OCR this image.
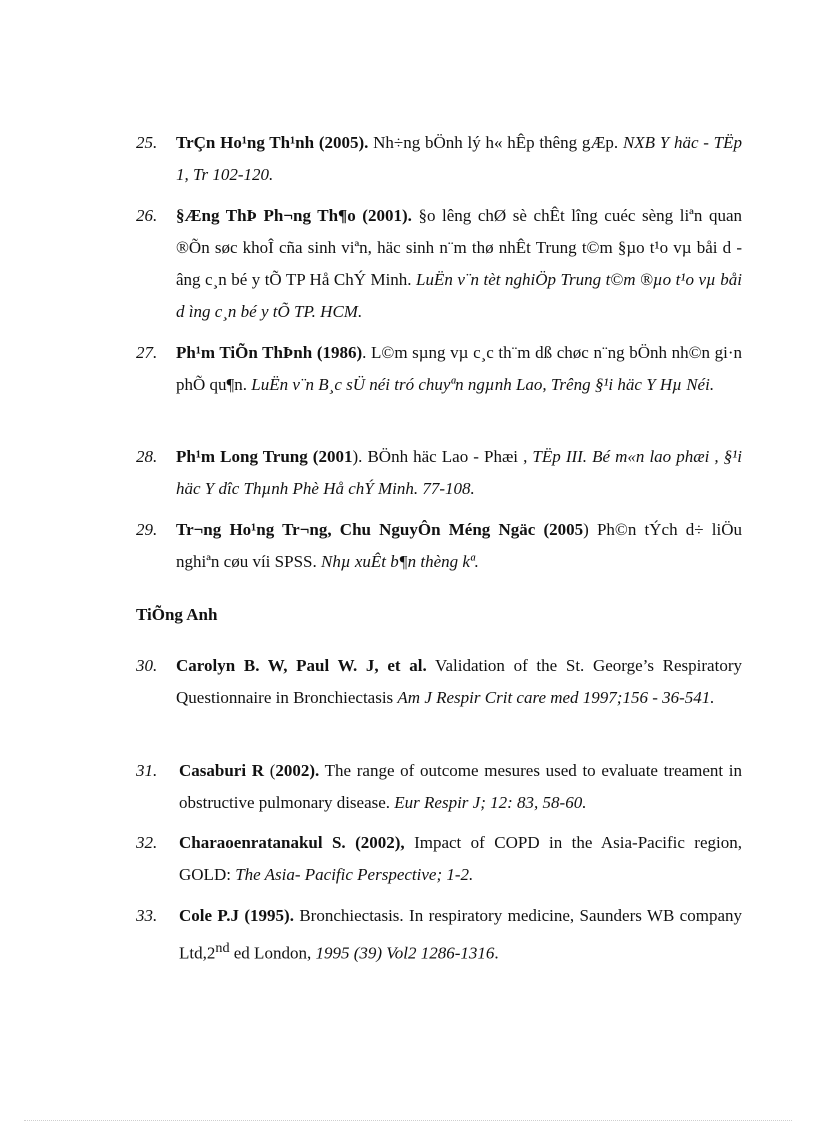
25. TrÇn Ho¹ng Th¹nh (2005). Nh÷ng bÖnh lý h« hÊp thêng gÆp. NXB Y häc - TËp 1, Tr 102-120.
26. §Æng ThÞ Ph¬ng Th¶o (2001). §o lêng chØ sè chÊt lîng cuéc sèng liªn quan ®Õn søc khoÎ cña sinh viªn, häc sinh n¨m thø nhÊt Trung t©m §µo t¹o vµ båi d âng c¸n bé y tÕ TP Hå ChÝ Minh. LuËn v¨n tèt nghiÖp Trung t©m ®µo t¹o vµ båi d ìng c¸n bé y tÕ TP. HCM.
27. Ph¹m TiÕn ThÞnh (1986). L©m sµng vµ c¸c th¨m dß chøc n¨ng bÖnh nh©n gi·n phÕ qu¶n. LuËn v¨n B¸c sÜ néi tró chuyªn ngµnh Lao, Trêng §¹i häc Y Hµ Néi.
28. Ph¹m Long Trung (2001). BÖnh häc Lao - Phæi , TËp III. Bé m«n lao phæi , §¹i häc Y dîc Thµnh Phè Hå chÝ Minh. 77-108.
29. Tr¬ng Ho¹ng Tr¬ng, Chu NguyÔn Méng Ngäc (2005) Ph©n tÝch d÷ liÖu nghiªn cøu víi SPSS. Nhµ xuÊt b¶n thèng kª.
TiÕng Anh
30. Carolyn B. W, Paul W. J, et al. Validation of the St. George’s Respiratory Questionnaire in Bronchiectasis Am J Respir Crit care med 1997;156 - 36-541.
31. Casaburi R (2002). The range of outcome mesures used to evaluate treament in obstructive pulmonary disease. Eur Respir J; 12: 83, 58-60.
32. Charaoenratanakul S. (2002), Impact of COPD in the Asia-Pacific region, GOLD: The Asia- Pacific Perspective; 1-2.
33. Cole P.J (1995). Bronchiectasis. In respiratory medicine, Saunders WB company Ltd,2nd ed London, 1995 (39) Vol2 1286-1316.
